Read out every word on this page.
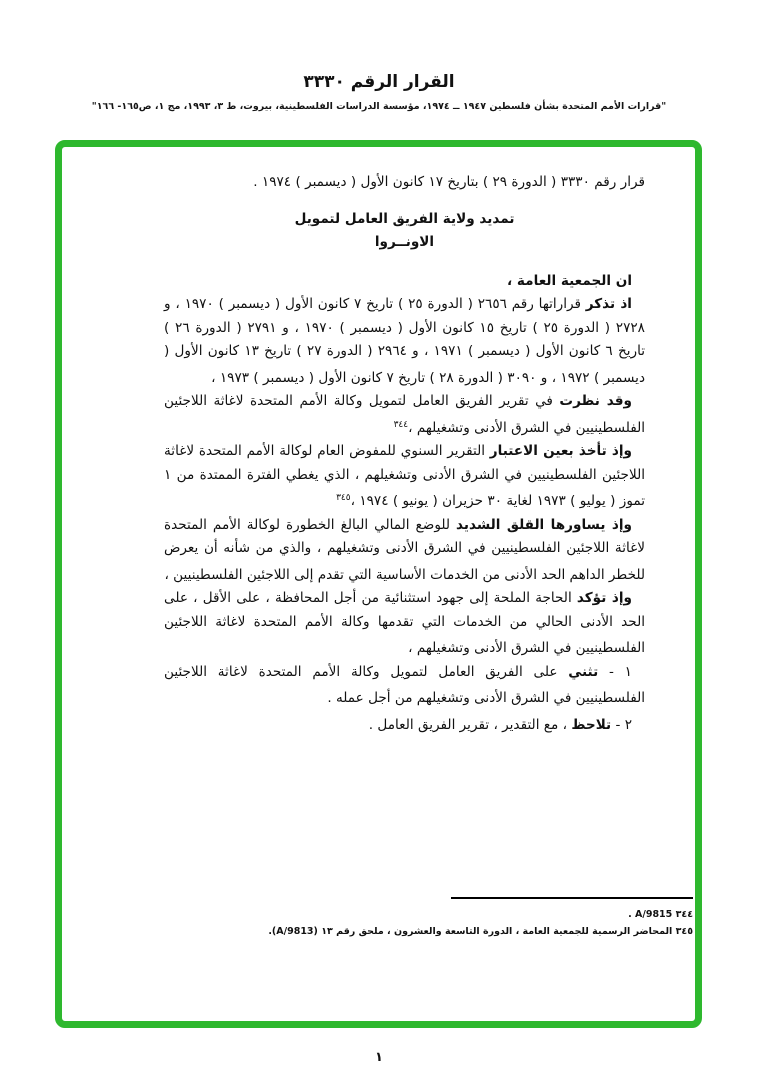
القرار الرقم ٣٣٣٠
"قرارات الأمم المتحدة بشأن فلسطين ١٩٤٧ ــ ١٩٧٤، مؤسسة الدراسات الفلسطينية، بيروت، ط ٣، ١٩٩٣، مج ١، ص١٦٥- ١٦٦"

قرار رقم ٣٣٣٠ ( الدورة ٢٩ ) بتاريخ ١٧ كانون الأول ( ديسمبر ) ١٩٧٤ .

تمديد ولاية الفريق العامل لتمويل
الاونــروا

ان الجمعية العامة ،

اذ تذكر قراراتها رقم ٢٦٥٦ ( الدورة ٢٥ ) تاريخ ٧ كانون الأول ( ديسمبر ) ١٩٧٠ ، و ٢٧٢٨ ( الدورة ٢٥ ) تاريخ ١٥ كانون الأول ( ديسمبر ) ١٩٧٠ ، و ٢٧٩١ ( الدورة ٢٦ ) تاريخ ٦ كانون الأول ( ديسمبر ) ١٩٧١ ، و ٢٩٦٤ ( الدورة ٢٧ ) تاريخ ١٣ كانون الأول ( ديسمبر ) ١٩٧٢ ، و ٣٠٩٠ ( الدورة ٢٨ ) تاريخ ٧ كانون الأول ( ديسمبر ) ١٩٧٣ ،

وقد نظرت في تقرير الفريق العامل لتمويل وكالة الأمم المتحدة لاغاثة اللاجئين الفلسطينيين في الشرق الأدنى وتشغيلهم ،$^{٣٤٤}$

وإذ تأخذ بعين الاعتبار التقرير السنوي للمفوض العام لوكالة الأمم المتحدة لاغاثة اللاجئين الفلسطينيين في الشرق الأدنى وتشغيلهم ، الذي يغطي الفترة الممتدة من ١ تموز ( يوليو ) ١٩٧٣ لغاية ٣٠ حزيران ( يونيو ) ١٩٧٤ ،$^{٣٤٥}$

وإذ يساورها القلق الشديد للوضع المالي البالغ الخطورة لوكالة الأمم المتحدة لاغاثة اللاجئين الفلسطينيين في الشرق الأدنى وتشغيلهم ، والذي من شأنه أن يعرض للخطر الداهم الحد الأدنى من الخدمات الأساسية التي تقدم إلى اللاجئين الفلسطينيين ،

وإذ تؤكد الحاجة الملحة إلى جهود استثنائية من أجل المحافظة ، على الأقل ، على الحد الأدنى الحالي من الخدمات التي تقدمها وكالة الأمم المتحدة لاغاثة اللاجئين الفلسطينيين في الشرق الأدنى وتشغيلهم ،

١ - تثني على الفريق العامل لتمويل وكالة الأمم المتحدة لاغاثة اللاجئين الفلسطينيين في الشرق الأدنى وتشغيلهم من أجل عمله .

٢ - تلاحظ ، مع التقدير ، تقرير الفريق العامل .

٣٤٤ A/9815 .
٣٤٥ المحاضر الرسمية للجمعية العامة ، الدورة التاسعة والعشرون ، ملحق رقم ١٣ (A/9813).
١
